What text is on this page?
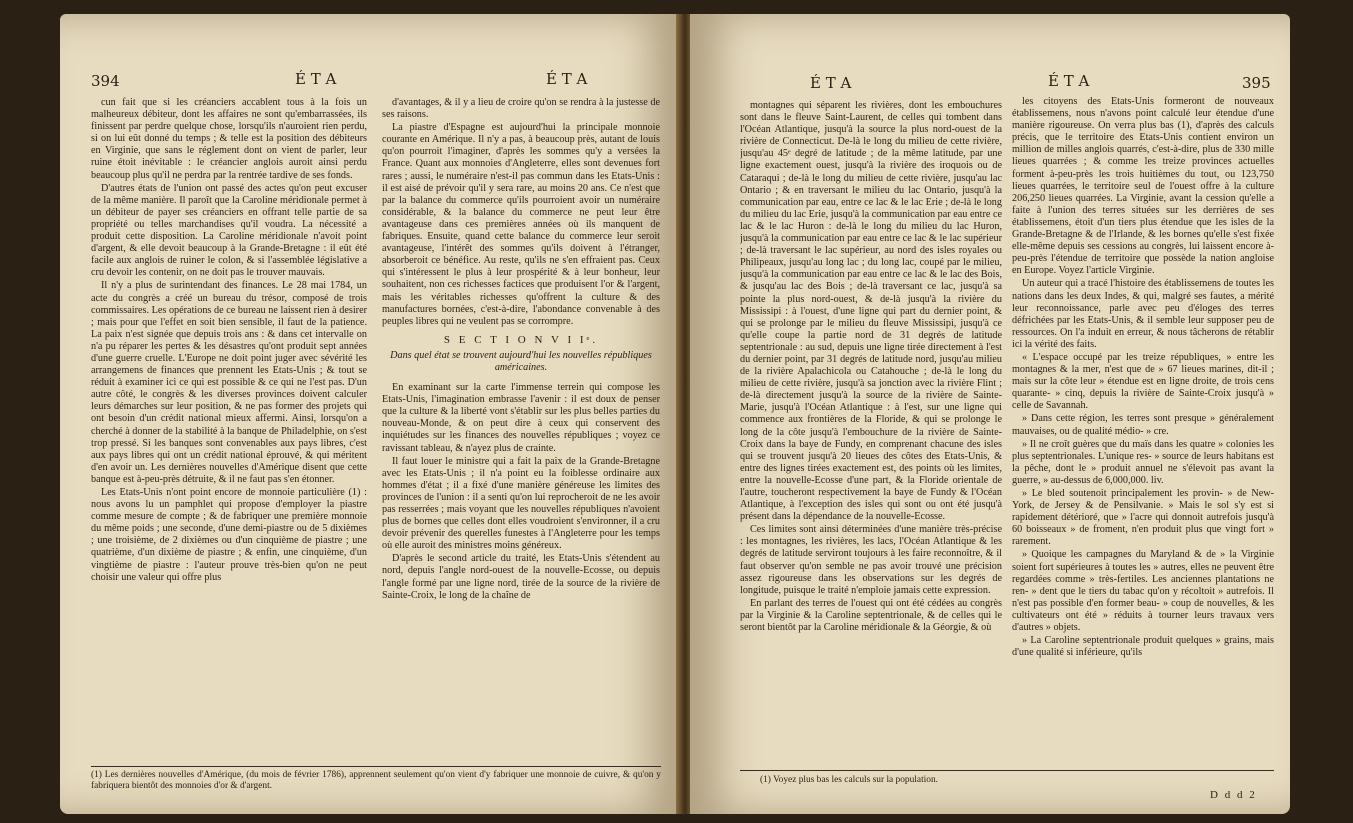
394	É T A	É T A

cun fait que si les créanciers accablent tous à la fois un malheureux débiteur, dont les affaires ne sont qu'embarrassées, ils finissent par perdre quelque chose, lorsqu'ils n'auroient rien perdu, si on lui eût donné du temps ; & telle est la position des débiteurs en Virginie, que sans le réglement dont on vient de parler, leur ruine étoit inévitable : le créancier anglois auroit ainsi perdu beaucoup plus qu'il ne perdra par la rentrée tardive de ses fonds.

D'autres états de l'union ont passé des actes qu'on peut excuser de la même manière. Il paroît que la Caroline méridionale permet à un débiteur de payer ses créanciers en offrant telle partie de sa propriété ou telles marchandises qu'il voudra. La nécessité a produit cette disposition. La Caroline méridionale n'avoit point d'argent, & elle devoit beaucoup à la Grande-Bretagne : il eût été facile aux anglois de ruiner le colon, & si l'assemblée législative a cru devoir les contenir, on ne doit pas le trouver mauvais.

Il n'y a plus de surintendant des finances. Le 28 mai 1784, un acte du congrès a créé un bureau du trésor, composé de trois commissaires. Les opérations de ce bureau ne laissent rien à desirer ; mais pour que l'effet en soit bien sensible, il faut de la patience. La paix n'est signée que depuis trois ans : & dans cet intervalle on n'a pu réparer les pertes & les désastres qu'ont produit sept années d'une guerre cruelle. L'Europe ne doit point juger avec sévérité les arrangemens de finances que prennent les Etats-Unis ; & tout se réduit à examiner ici ce qui est possible & ce qui ne l'est pas. D'un autre côté, le congrès & les diverses provinces doivent calculer leurs démarches sur leur position, & ne pas former des projets qui ont besoin d'un crédit national mieux affermi. Ainsi, lorsqu'on a cherché à donner de la stabilité à la banque de Philadelphie, on s'est trop pressé. Si les banques sont convenables aux pays libres, c'est aux pays libres qui ont un crédit national éprouvé, & qui méritent d'en avoir un. Les dernières nouvelles d'Amérique disent que cette banque est à-peu-près détruite, & il ne faut pas s'en étonner.

Les Etats-Unis n'ont point encore de monnoie particulière (1) : nous avons lu un pamphlet qui propose d'employer la piastre comme mesure de compte ; & de fabriquer une première monnoie du même poids ; une seconde, d'une demi-piastre ou de 5 dixièmes ; une troisième, de 2 dixièmes ou d'un cinquième de piastre ; une quatrième, d'un dixième de piastre ; & enfin, une cinquième, d'un vingtième de piastre : l'auteur prouve très-bien qu'on ne peut choisir une valeur qui offre plus

d'avantages, & il y a lieu de croire qu'on se rendra à la justesse de ses raisons.

La piastre d'Espagne est aujourd'hui la principale monnoie courante en Amérique. Il n'y a pas, à beaucoup près, autant de louis qu'on pourroit l'imaginer, d'après les sommes qu'y a versées la France. Quant aux monnoies d'Angleterre, elles sont devenues fort rares ; aussi, le numéraire n'est-il pas commun dans les Etats-Unis : il est aisé de prévoir qu'il y sera rare, au moins 20 ans. Ce n'est que par la balance du commerce qu'ils pourroient avoir un numéraire considérable, & la balance du commerce ne peut leur être avantageuse dans ces premières années où ils manquent de fabriques. Ensuite, quand cette balance du commerce leur seroit avantageuse, l'intérêt des sommes qu'ils doivent à l'étranger, absorberoit ce bénéfice. Au reste, qu'ils ne s'en effraient pas. Ceux qui s'intéressent le plus à leur prospérité & à leur bonheur, leur souhaitent, non ces richesses factices que produisent l'or & l'argent, mais les véritables richesses qu'offrent la culture & des manufactures bornées, c'est-à-dire, l'abondance convenable à des peuples libres qui ne veulent pas se corrompre.

S E C T I O N V I Iᵉ.

Dans quel état se trouvent aujourd'hui les nouvelles républiques américaines.

En examinant sur la carte l'immense terrein qui compose les Etats-Unis, l'imagination embrasse l'avenir : il est doux de penser que la culture & la liberté vont s'établir sur les plus belles parties du nouveau-Monde, & on peut dire à ceux qui conservent des inquiétudes sur les finances des nouvelles républiques ; voyez ce ravissant tableau, & n'ayez plus de crainte.

Il faut louer le ministre qui a fait la paix de la Grande-Bretagne avec les Etats-Unis ; il n'a point eu la foiblesse ordinaire aux hommes d'état ; il a fixé d'une manière généreuse les limites des provinces de l'union : il a senti qu'on lui reprocheroit de ne les avoir pas resserrées ; mais voyant que les nouvelles républiques n'avoient plus de bornes que celles dont elles voudroient s'environner, il a cru devoir prévenir des querelles funestes à l'Angleterre pour les temps où elle auroit des ministres moins généreux.

D'après le second article du traité, les Etats-Unis s'étendent au nord, depuis l'angle nord-ouest de la nouvelle-Ecosse, ou depuis l'angle formé par une ligne nord, tirée de la source de la rivière de Sainte-Croix, le long de la chaîne de

(1) Les dernières nouvelles d'Amérique, (du mois de février 1786), apprennent seulement qu'on vient d'y fabriquer une monnoie de cuivre, & qu'on y fabriquera bientôt des monnoies d'or & d'argent.
É T A	É T A	395

montagnes qui séparent les rivières, dont les embouchures sont dans le fleuve Saint-Laurent, de celles qui tombent dans l'Océan Atlantique, jusqu'à la source la plus nord-ouest de la rivière de Connecticut. De-là le long du milieu de cette rivière, jusqu'au 45ᵉ degré de latitude ; de la même latitude, par une ligne exactement ouest, jusqu'à la rivière des iroquois ou de Cataraqui ; de-là le long du milieu de cette rivière, jusqu'au lac Ontario ; & en traversant le milieu du lac Ontario, jusqu'à la communication par eau, entre ce lac & le lac Erie ; de-là le long du milieu du lac Erie, jusqu'à la communication par eau entre ce lac & le lac Huron : de-là le long du milieu du lac Huron, jusqu'à la communication par eau entre ce lac & le lac supérieur ; de-là traversant le lac supérieur, au nord des isles royales ou Philipeaux, jusqu'au long lac ; du long lac, coupé par le milieu, jusqu'à la communication par eau entre ce lac & le lac des Bois, & jusqu'au lac des Bois ; de-là traversant ce lac, jusqu'à sa pointe la plus nord-ouest, & de-là jusqu'à la rivière du Mississipi : à l'ouest, d'une ligne qui part du dernier point, & qui se prolonge par le milieu du fleuve Mississipi, jusqu'à ce qu'elle coupe la partie nord de 31 degrés de latitude septentrionale : au sud, depuis une ligne tirée directement à l'est du dernier point, par 31 degrés de latitude nord, jusqu'au milieu de la rivière Apalachicola ou Catahouche ; de-là le long du milieu de cette rivière, jusqu'à sa jonction avec la rivière Flint ; de-là directement jusqu'à la source de la rivière de Sainte-Marie, jusqu'à l'Océan Atlantique : à l'est, sur une ligne qui commence aux frontières de la Floride, & qui se prolonge le long de la côte jusqu'à l'embouchure de la rivière de Sainte-Croix dans la baye de Fundy, en comprenant chacune des isles qui se trouvent jusqu'à 20 lieues des côtes des Etats-Unis, & entre des lignes tirées exactement est, des points où les limites, entre la nouvelle-Ecosse d'une part, & la Floride orientale de l'autre, toucheront respectivement la baye de Fundy & l'Océan Atlantique, à l'exception des isles qui sont ou ont été jusqu'à présent dans la dépendance de la nouvelle-Ecosse.

Ces limites sont ainsi déterminées d'une manière très-précise : les montagnes, les rivières, les lacs, l'Océan Atlantique & les degrés de latitude serviront toujours à les faire reconnoître, & il faut observer qu'on semble ne pas avoir trouvé une précision assez rigoureuse dans les observations sur les degrés de longitude, puisque le traité n'emploie jamais cette expression.

En parlant des terres de l'ouest qui ont été cédées au congrès par la Virginie & la Caroline septentrionale, & de celles qui le seront bientôt par la Caroline méridionale & la Géorgie, & où

les citoyens des Etats-Unis formeront de nouveaux établissemens, nous n'avons point calculé leur étendue d'une manière rigoureuse. On verra plus bas (1), d'après des calculs précis, que le territoire des Etats-Unis contient environ un million de milles anglois quarrés, c'est-à-dire, plus de 330 mille lieues quarrées ; & comme les treize provinces actuelles forment à-peu-près les trois huitièmes du tout, ou 123,750 lieues quarrées, le territoire seul de l'ouest offre à la culture 206,250 lieues quarrées. La Virginie, avant la cession qu'elle a faite à l'union des terres situées sur les derrières de ses établissemens, étoit d'un tiers plus étendue que les isles de la Grande-Bretagne & de l'Irlande, & les bornes qu'elle s'est fixée elle-même depuis ses cessions au congrès, lui laissent encore à-peu-près l'étendue de territoire que possède la nation angloise en Europe. Voyez l'article Virginie.

Un auteur qui a tracé l'histoire des établissemens de toutes les nations dans les deux Indes, & qui, malgré ses fautes, a mérité leur reconnoissance, parle avec peu d'éloges des terres défrichées par les Etats-Unis, & il semble leur supposer peu de ressources. On l'a induit en erreur, & nous tâcherons de rétablir ici la vérité des faits.

« L'espace occupé par les treize républiques, » entre les montagnes & la mer, n'est que de » 67 lieues marines, dit-il ; mais sur la côte leur » étendue est en ligne droite, de trois cens quarante- » cinq, depuis la rivière de Sainte-Croix jusqu'à » celle de Savannah.

» Dans cette région, les terres sont presque » généralement mauvaises, ou de qualité médio- » cre.

» Il ne croît guères que du maïs dans les quatre » colonies les plus septentrionales. L'unique res- » source de leurs habitans est la pêche, dont le » produit annuel ne s'élevoit pas avant la guerre, » au-dessus de 6,000,000. liv.

» Le bled soutenoit principalement les provin- » de New-York, de Jersey & de Pensilvanie. » Mais le sol s'y est si rapidement détérioré, que » l'acre qui donnoit autrefois jusqu'à 60 boisseaux » de froment, n'en produit plus que vingt fort » rarement.

» Quoique les campagnes du Maryland & de » la Virginie soient fort supérieures à toutes les » autres, elles ne peuvent être regardées comme » très-fertiles. Les anciennes plantations ne ren- » dent que le tiers du tabac qu'on y récoltoit » autrefois. Il n'est pas possible d'en former beau- » coup de nouvelles, & les cultivateurs ont été » réduits à tourner leurs travaux vers d'autres » objets.

» La Caroline septentrionale produit quelques » grains, mais d'une qualité si inférieure, qu'ils

(1) Voyez plus bas les calculs sur la population.
D d d 2
